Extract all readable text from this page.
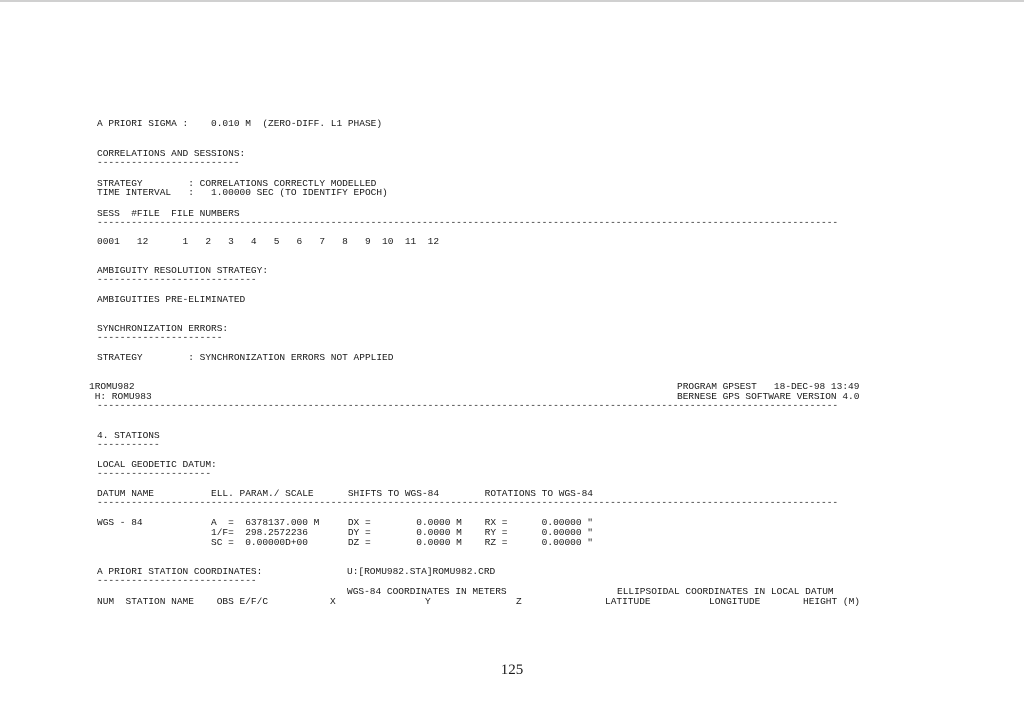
A PRIORI SIGMA :    0.010 M  (ZERO-DIFF. L1 PHASE)
CORRELATIONS AND SESSIONS:
-------------------------
STRATEGY        : CORRELATIONS CORRECTLY MODELLED
TIME INTERVAL   :   1.00000 SEC (TO IDENTIFY EPOCH)
SESS  #FILE  FILE NUMBERS
----------------------------------------------------------------------------------------------------------------------------------
0001   12      1   2   3   4   5   6   7   8   9  10  11  12
AMBIGUITY RESOLUTION STRATEGY:
----------------------------
AMBIGUITIES PRE-ELIMINATED
SYNCHRONIZATION ERRORS:
----------------------
STRATEGY        : SYNCHRONIZATION ERRORS NOT APPLIED
1ROMU982
H: ROMU983
PROGRAM GPSEST   18-DEC-98 13:49
BERNESE GPS SOFTWARE VERSION 4.0
----------------------------------------------------------------------------------------------------------------------------------
4. STATIONS
-----------
LOCAL GEODETIC DATUM:
--------------------
DATUM NAME          ELL. PARAM./ SCALE      SHIFTS TO WGS-84        ROTATIONS TO WGS-84
----------------------------------------------------------------------------------------------------------------------------------
WGS - 84            A  =  6378137.000 M     DX =        0.0000 M    RX =      0.00000 "
1/F=  298.2572236       DY =        0.0000 M    RY =      0.00000 "
SC =  0.00000D+00       DZ =        0.0000 M    RZ =      0.00000 "
A PRIORI STATION COORDINATES:	U:[ROMU982.STA]ROMU982.CRD
----------------------------
WGS-84 COORDINATES IN METERS	ELLIPSOIDAL COORDINATES IN LOCAL DATUM
NUM  STATION NAME    OBS E/F/C	X	Y	Z	LATITUDE	LONGITUDE	HEIGHT (M)
125
